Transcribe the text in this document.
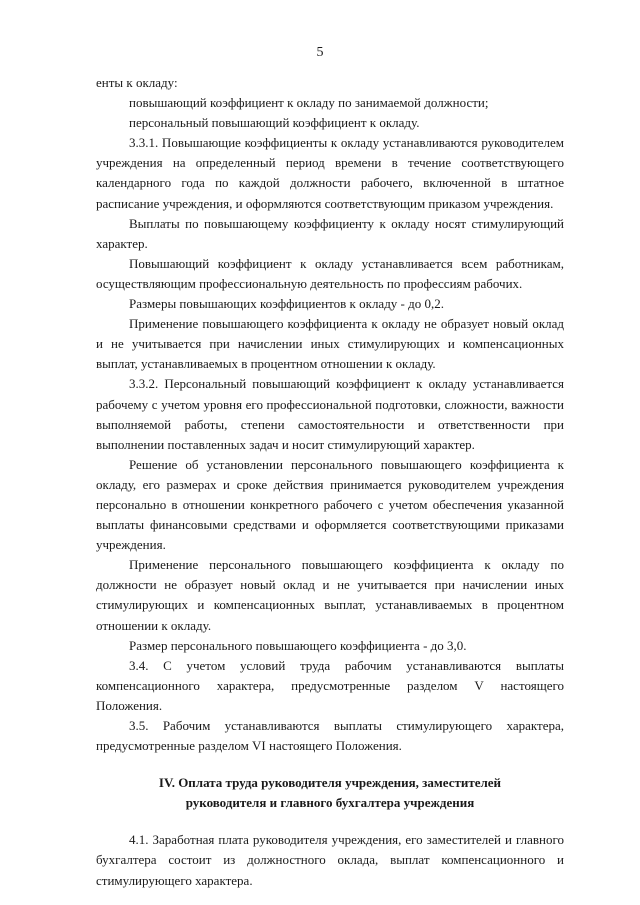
5

енты к окладу:

повышающий коэффициент к окладу по занимаемой должности;

персональный повышающий коэффициент к окладу.

3.3.1. Повышающие коэффициенты к окладу устанавливаются руководителем учреждения на определенный период времени в течение соответствующего календарного года по каждой должности рабочего, включенной в штатное расписание учреждения, и оформляются соответствующим приказом учреждения.

Выплаты по повышающему коэффициенту к окладу носят стимулирующий характер.

Повышающий коэффициент к окладу устанавливается всем работникам, осуществляющим профессиональную деятельность по профессиям рабочих.

Размеры повышающих коэффициентов к окладу - до 0,2.

Применение повышающего коэффициента к окладу не образует новый оклад и не учитывается при начислении иных стимулирующих и компенсационных выплат, устанавливаемых в процентном отношении к окладу.

3.3.2. Персональный повышающий коэффициент к окладу устанавливается рабочему с учетом уровня его профессиональной подготовки, сложности, важности выполняемой работы, степени самостоятельности и ответственности при выполнении поставленных задач и носит стимулирующий характер.

Решение об установлении персонального повышающего коэффициента к окладу, его размерах и сроке действия принимается руководителем учреждения персонально в отношении конкретного рабочего с учетом обеспечения указанной выплаты финансовыми средствами и оформляется соответствующими приказами учреждения.

Применение персонального повышающего коэффициента к окладу по должности не образует новый оклад и не учитывается при начислении иных стимулирующих и компенсационных выплат, устанавливаемых в процентном отношении к окладу.

Размер персонального повышающего коэффициента - до 3,0.

3.4. С учетом условий труда рабочим устанавливаются выплаты компенсационного характера, предусмотренные разделом V настоящего Положения.

3.5. Рабочим устанавливаются выплаты стимулирующего характера, предусмотренные разделом VI настоящего Положения.

IV. Оплата труда руководителя учреждения, заместителей
руководителя и главного бухгалтера учреждения

4.1. Заработная плата руководителя учреждения, его заместителей и главного бухгалтера состоит из должностного оклада, выплат компенсационного и стимулирующего характера.
